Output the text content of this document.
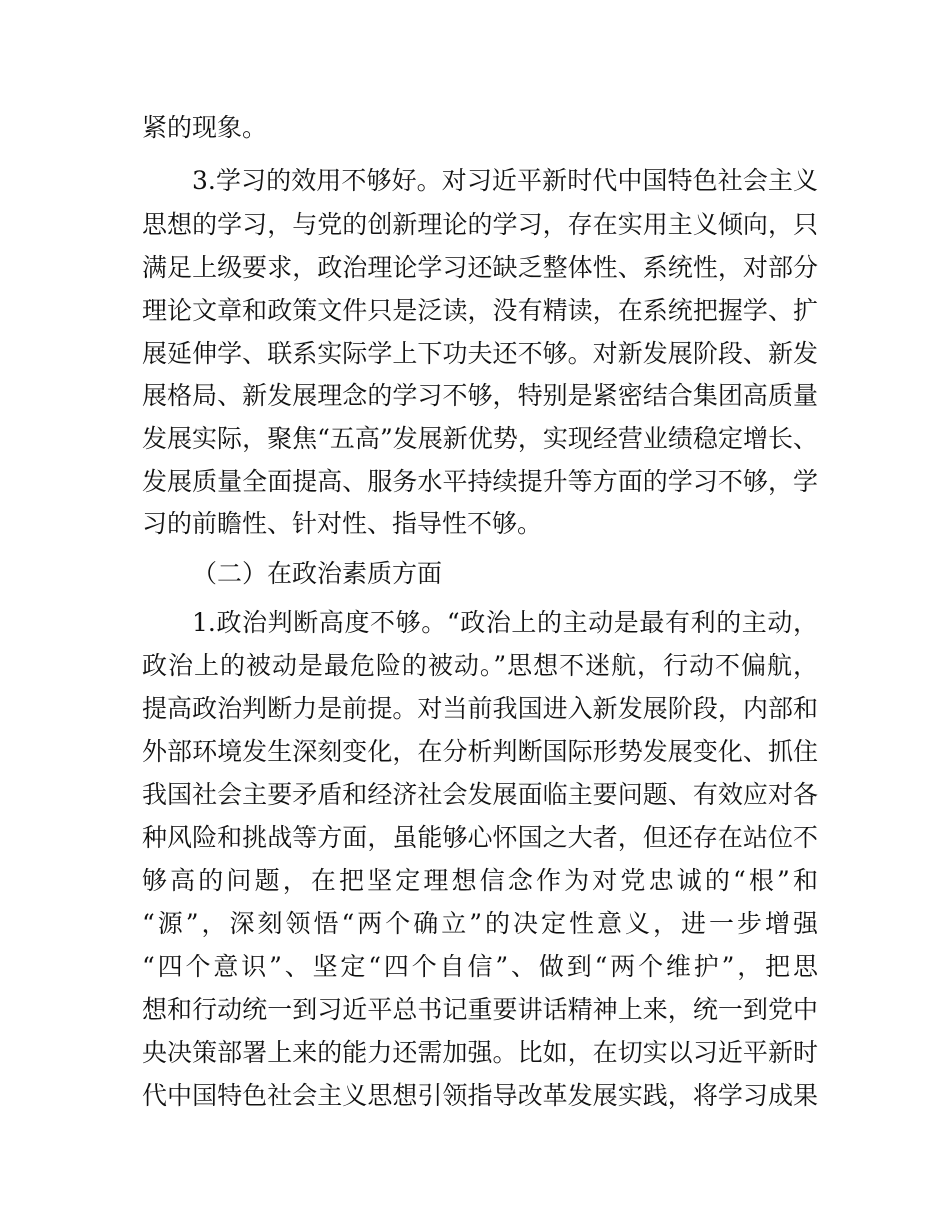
紧的现象。
3.学习的效用不够好。对习近平新时代中国特色社会主义
思想的学习，与党的创新理论的学习，存在实用主义倾向，只
满足上级要求，政治理论学习还缺乏整体性、系统性，对部分
理论文章和政策文件只是泛读，没有精读，在系统把握学、扩
展延伸学、联系实际学上下功夫还不够。对新发展阶段、新发
展格局、新发展理念的学习不够，特别是紧密结合集团高质量
发展实际，聚焦“五高”发展新优势，实现经营业绩稳定增长、
发展质量全面提高、服务水平持续提升等方面的学习不够，学
习的前瞻性、针对性、指导性不够。
（二）在政治素质方面
1.政治判断高度不够。“政治上的主动是最有利的主动，
政治上的被动是最危险的被动。”思想不迷航，行动不偏航，
提高政治判断力是前提。对当前我国进入新发展阶段，内部和
外部环境发生深刻变化，在分析判断国际形势发展变化、抓住
我国社会主要矛盾和经济社会发展面临主要问题、有效应对各
种风险和挑战等方面，虽能够心怀国之大者，但还存在站位不
够高的问题，在把坚定理想信念作为对党忠诚的“根”和
“源”，深刻领悟“两个确立”的决定性意义，进一步增强
“四个意识”、坚定“四个自信”、做到“两个维护”，把思
想和行动统一到习近平总书记重要讲话精神上来，统一到党中
央决策部署上来的能力还需加强。比如，在切实以习近平新时
代中国特色社会主义思想引领指导改革发展实践，将学习成果
